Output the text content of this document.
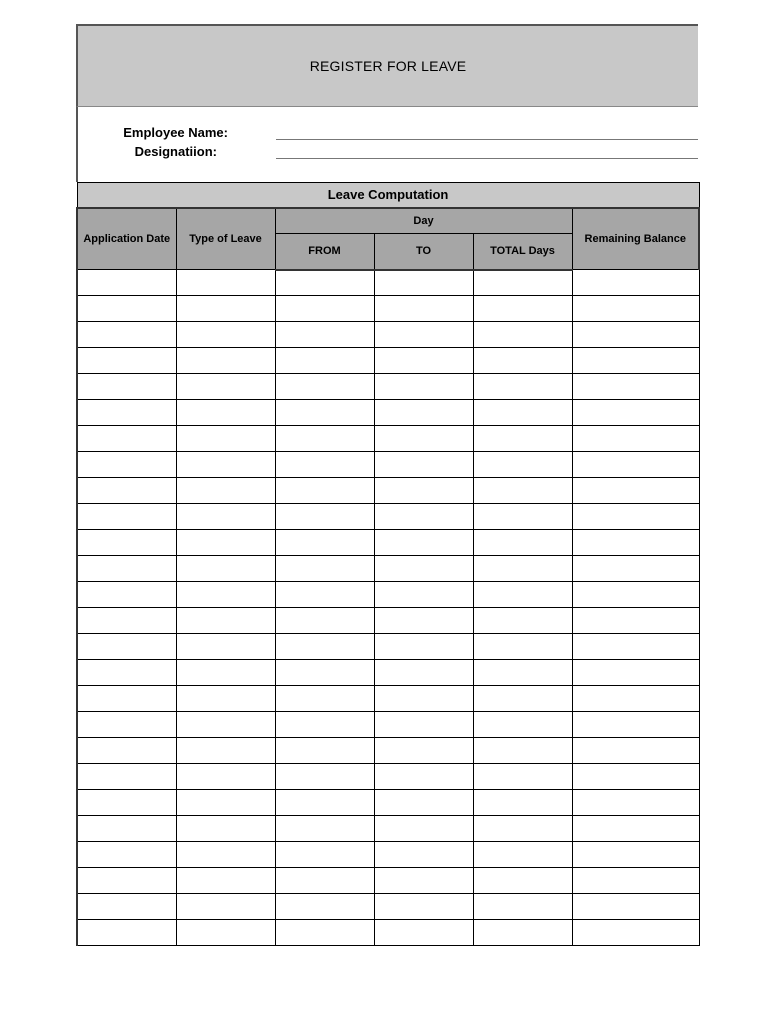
REGISTER FOR LEAVE
Employee Name:
Designatiion:
Leave Computation					
Application Date	Type of Leave	Day			Remaining Balance
		FROM	TO	TOTAL Days	
